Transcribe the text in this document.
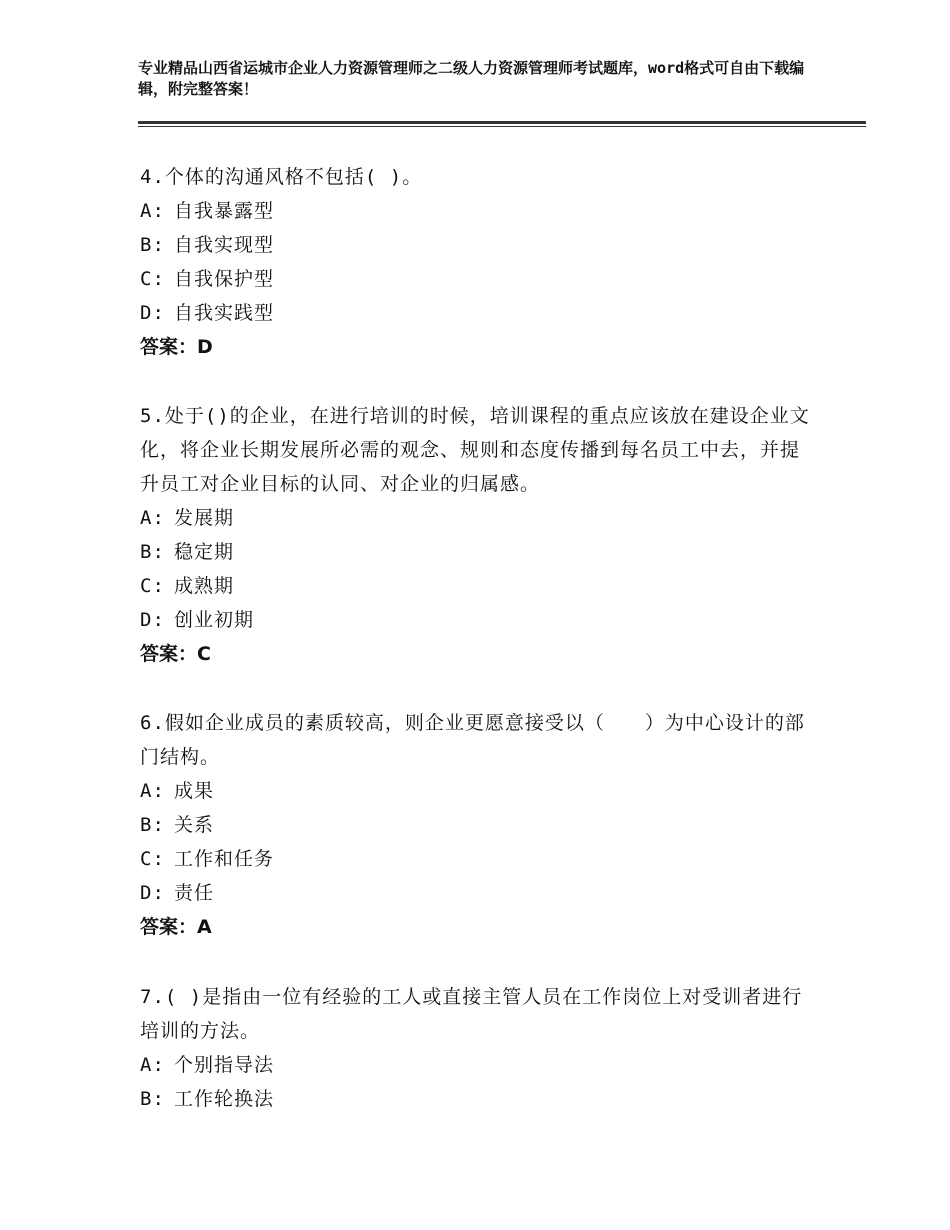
专业精品山西省运城市企业人力资源管理师之二级人力资源管理师考试题库，word格式可自由下载编辑，附完整答案！
4.个体的沟通风格不包括( )。
A: 自我暴露型
B: 自我实现型
C: 自我保护型
D: 自我实践型
答案：D
5.处于()的企业，在进行培训的时候，培训课程的重点应该放在建设企业文化，将企业长期发展所必需的观念、规则和态度传播到每名员工中去，并提升员工对企业目标的认同、对企业的归属感。
A: 发展期
B: 稳定期
C: 成熟期
D: 创业初期
答案：C
6.假如企业成员的素质较高，则企业更愿意接受以（　　）为中心设计的部门结构。
A: 成果
B: 关系
C: 工作和任务
D: 责任
答案：A
7.( )是指由一位有经验的工人或直接主管人员在工作岗位上对受训者进行培训的方法。
A: 个别指导法
B: 工作轮换法
